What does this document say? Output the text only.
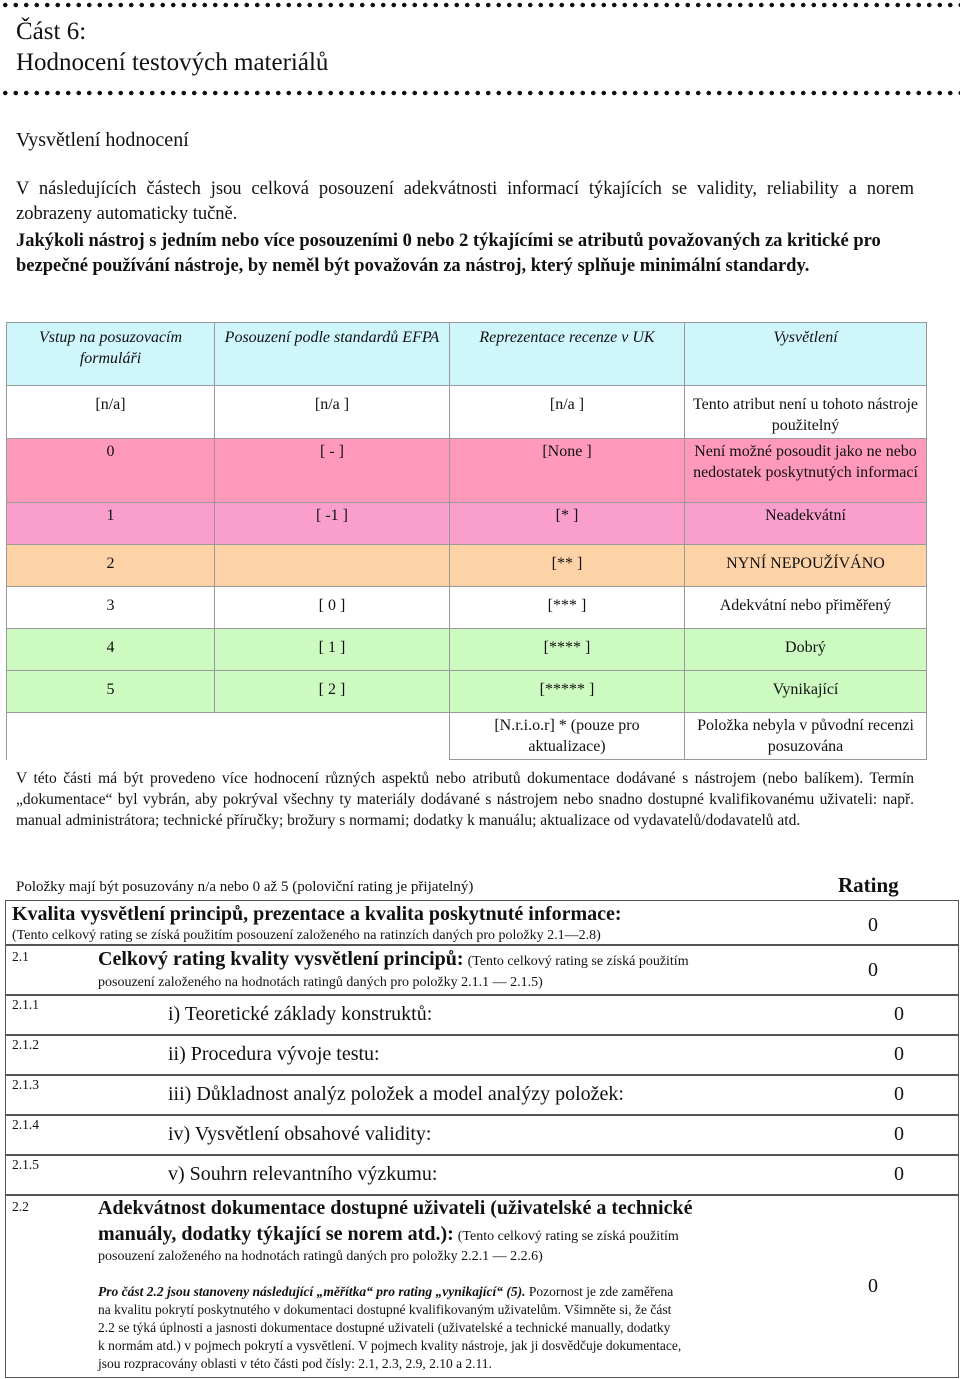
Část 6:
Hodnocení testových materiálů
Vysvětlení hodnocení
V následujících částech jsou celková posouzení adekvátnosti informací týkajících se validity, reliability a norem zobrazeny automaticky tučně.
Jakýkoli nástroj s jedním nebo více posouzeními 0 nebo 2 týkajícími se atributů považovaných za kritické pro bezpečné používání nástroje, by neměl být považován za nástroj, který splňuje minimální standardy.
Vstup na posuzovacím formuláři	Posouzení podle standardů EFPA	Reprezentace recenze v UK	Vysvětlení
[n/a]	[n/a ]	[n/a ]	Tento atribut není u tohoto nástroje použitelný
0	[ - ]	[None ]	Není možné posoudit jako ne nebo nedostatek poskytnutých informací
1	[ -1 ]	[* ]	Neadekvátní
2		[** ]	NYNÍ NEPOUŽÍVÁNO
3	[ 0 ]	[*** ]	Adekvátní nebo přiměřený
4	[ 1 ]	[**** ]	Dobrý
5	[ 2 ]	[***** ]	Vynikající
		[N.r.i.o.r] * (pouze pro aktualizace)	Položka nebyla v původní recenzi posuzována
V této části má být provedeno více hodnocení různých aspektů nebo atributů dokumentace dodávané s nástrojem (nebo balíkem). Termín „dokumentace“ byl vybrán, aby pokrýval všechny ty materiály dodávané s nástrojem nebo snadno dostupné kvalifikovanému uživateli: např. manual administrátora; technické příručky; brožury s normami; dodatky k manuálu; aktualizace od vydavatelů/dodavatelů atd.
Položky mají být posuzovány n/a nebo 0 až 5 (poloviční rating je přijatelný)	Rating
Kvalita vysvětlení principů, prezentace a kvalita poskytnuté informace:
(Tento celkový rating se získá použitím posouzení založeného na ratinzích daných pro položky 2.1—2.8)	0
2.1	Celkový rating kvality vysvětlení principů: (Tento celkový rating se získá použitím
posouzení založeného na hodnotách ratingů daných pro položky 2.1.1 — 2.1.5)
0
2.1.1	i) Teoretické základy konstruktů:	0
2.1.2	ii) Procedura vývoje testu:	0
2.1.3	iii) Důkladnost analýz položek a model analýzy položek:	0
2.1.4	iv) Vysvětlení obsahové validity:	0
2.1.5	v) Souhrn relevantního výzkumu:	0
2.2	Adekvátnost dokumentace dostupné uživateli (uživatelské a technické
manuály, dodatky týkající se norem atd.): (Tento celkový rating se získá použitím
posouzení založeného na hodnotách ratingů daných pro položky 2.2.1 — 2.2.6)
Pro část 2.2 jsou stanoveny následující „měřítka“ pro rating „vynikající“ (5). Pozornost je zde zaměřena
na kvalitu pokrytí poskytnutého v dokumentaci dostupné kvalifikovaným uživatelům. Všimněte si, že část
2.2 se týká úplnosti a jasnosti dokumentace dostupné uživateli (uživatelské a technické manually, dodatky
k normám atd.) v pojmech pokrytí a vysvětlení. V pojmech kvality nástroje, jak ji dosvědčuje dokumentace,
jsou rozpracovány oblasti v této části pod čísly: 2.1, 2.3, 2.9, 2.10 a 2.11.
0
